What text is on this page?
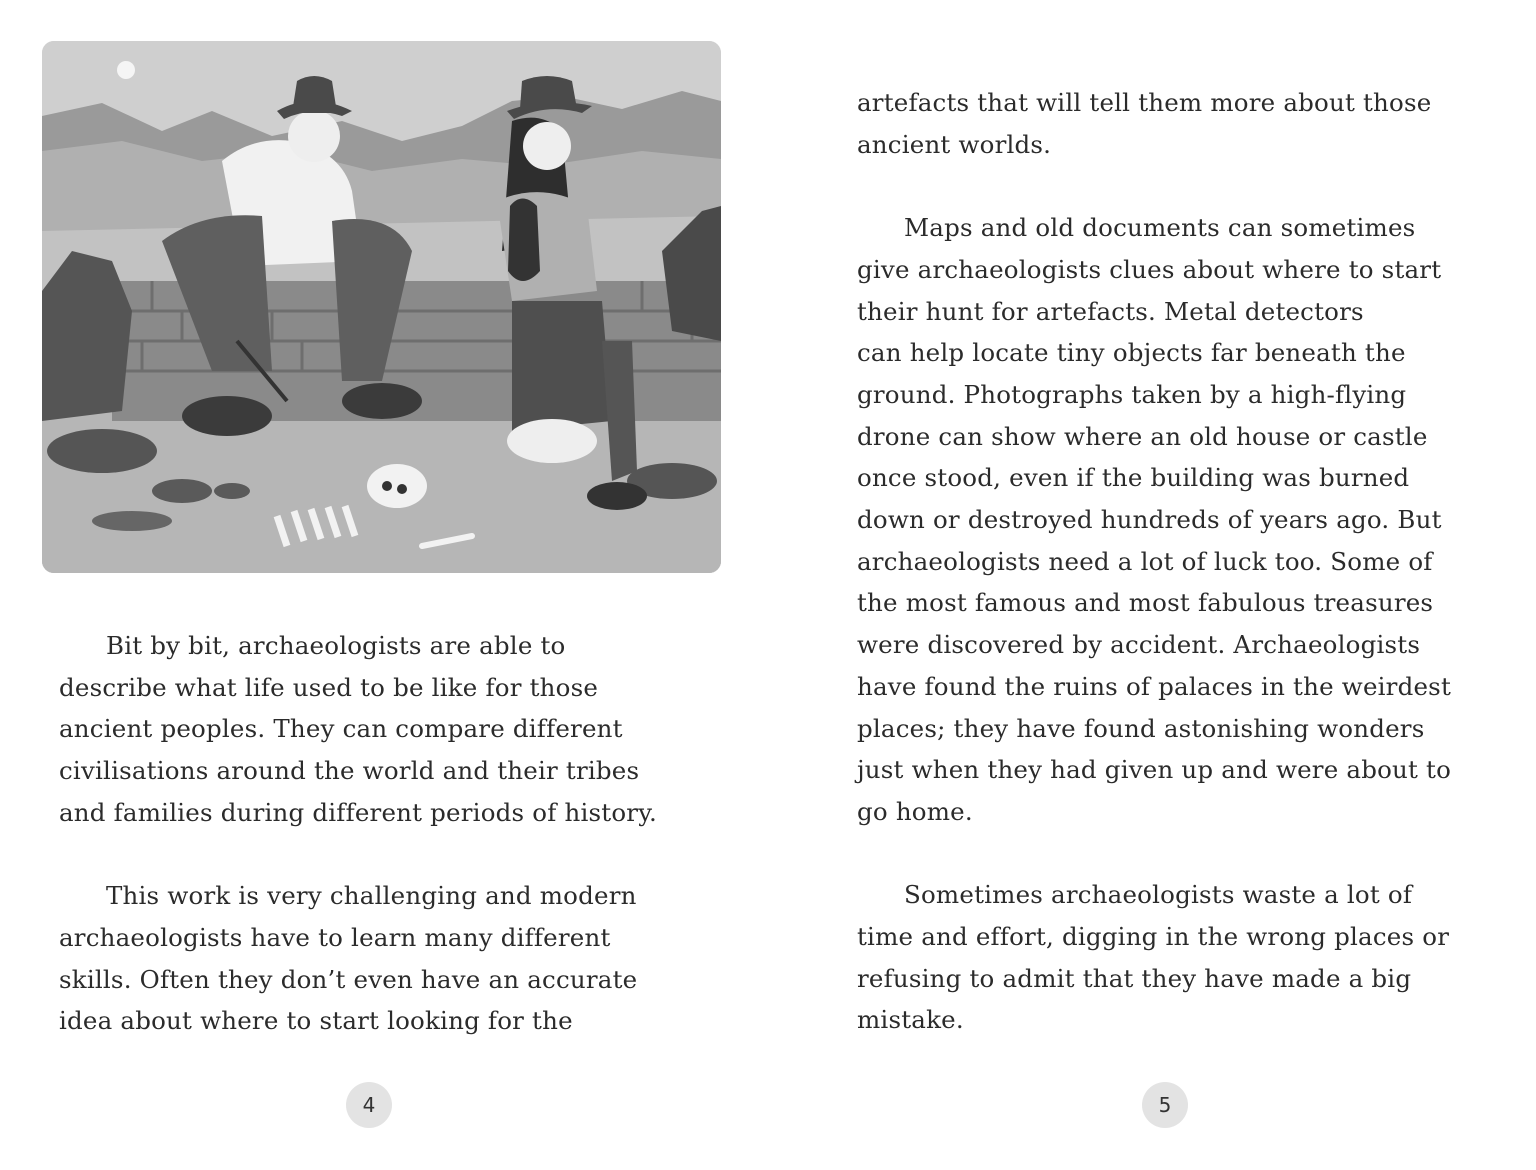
Bit by bit, archaeologists are able to

describe what life used to be like for those

ancient peoples. They can compare different

civilisations around the world and their tribes

and families during different periods of history.

This work is very challenging and modern

archaeologists have to learn many different

skills. Often they don’t even have an accurate

idea about where to start looking for the

4

artefacts that will tell them more about those

ancient worlds.

Maps and old documents can sometimes

give archaeologists clues about where to start

their hunt for artefacts. Metal detectors

can help locate tiny objects far beneath the

ground. Photographs taken by a high-flying

drone can show where an old house or castle

once stood, even if the building was burned

down or destroyed hundreds of years ago. But

archaeologists need a lot of luck too. Some of

the most famous and most fabulous treasures

were discovered by accident. Archaeologists

have found the ruins of palaces in the weirdest

places; they have found astonishing wonders

just when they had given up and were about to

go home.

Sometimes archaeologists waste a lot of

time and effort, digging in the wrong places or

refusing to admit that they have made a big

mistake.

5
